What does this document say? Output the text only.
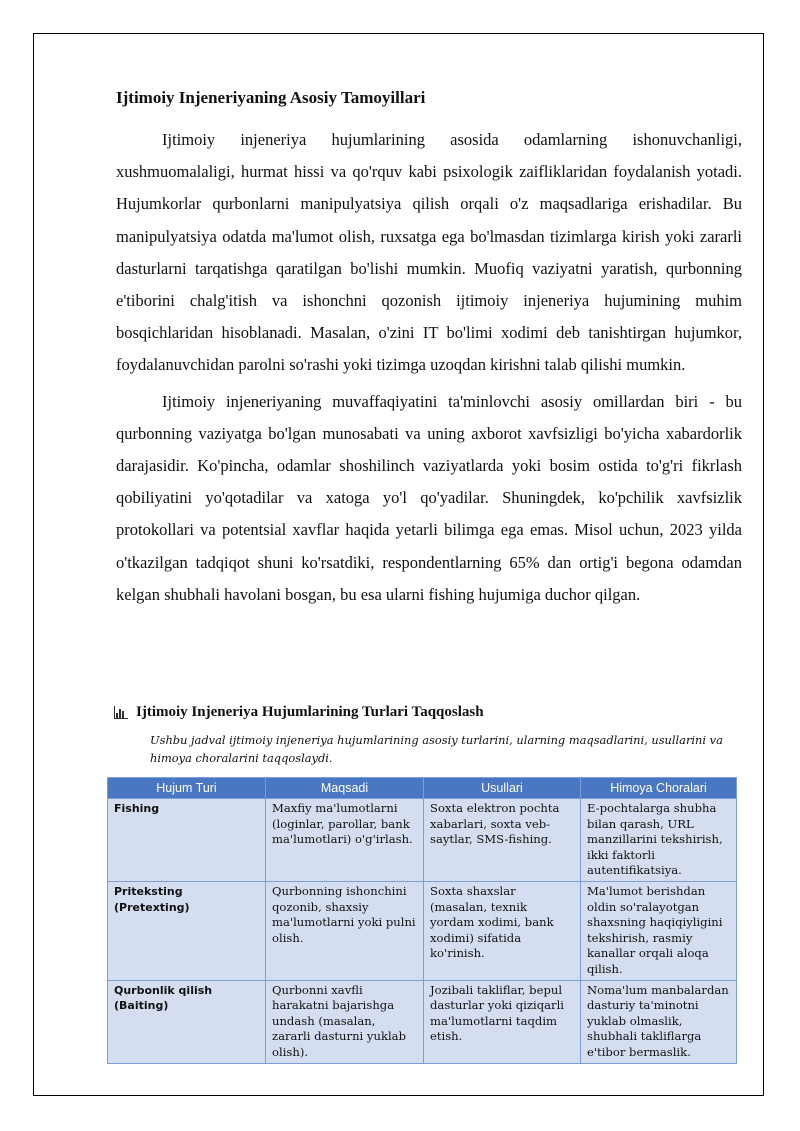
Ijtimoiy Injeneriyaning Asosiy Tamoyillari

Ijtimoiy injeneriya hujumlarining asosida odamlarning ishonuvchanligi, xushmuomalaligi, hurmat hissi va qo'rquv kabi psixologik zaifliklaridan foydalanish yotadi. Hujumkorlar qurbonlarni manipulyatsiya qilish orqali o'z maqsadlariga erishadilar. Bu manipulyatsiya odatda ma'lumot olish, ruxsatga ega bo'lmasdan tizimlarga kirish yoki zararli dasturlarni tarqatishga qaratilgan bo'lishi mumkin. Muofiq vaziyatni yaratish, qurbonning e'tiborini chalg'itish va ishonchni qozonish ijtimoiy injeneriya hujumining muhim bosqichlaridan hisoblanadi. Masalan, o'zini IT bo'limi xodimi deb tanishtirgan hujumkor, foydalanuvchidan parolni so'rashi yoki tizimga uzoqdan kirishni talab qilishi mumkin.

Ijtimoiy injeneriyaning muvaffaqiyatini ta'minlovchi asosiy omillardan biri - bu qurbonning vaziyatga bo'lgan munosabati va uning axborot xavfsizligi bo'yicha xabardorlik darajasidir. Ko'pincha, odamlar shoshilinch vaziyatlarda yoki bosim ostida to'g'ri fikrlash qobiliyatini yo'qotadilar va xatoga yo'l qo'yadilar. Shuningdek, ko'pchilik xavfsizlik protokollari va potentsial xavflar haqida yetarli bilimga ega emas. Misol uchun, 2023 yilda o'tkazilgan tadqiqot shuni ko'rsatdiki, respondentlarning 65% dan ortig'i begona odamdan kelgan shubhali havolani bosgan, bu esa ularni fishing hujumiga duchor qilgan.

Ijtimoiy Injeneriya Hujumlarining Turlari Taqqoslash
Ushbu jadval ijtimoiy injeneriya hujumlarining asosiy turlarini, ularning maqsadlarini, usullarini va himoya choralarini taqqoslaydi.
Hujum Turi	Maqsadi	Usullari	Himoya Choralari
Fishing	Maxfiy ma'lumotlarni (loginlar, parollar, bank ma'lumotlari) o'g'irlash.	Soxta elektron pochta xabarlari, soxta veb-saytlar, SMS-fishing.	E-pochtalarga shubha bilan qarash, URL manzillarini tekshirish, ikki faktorli autentifikatsiya.
Priteksting (Pretexting)	Qurbonning ishonchini qozonib, shaxsiy ma'lumotlarni yoki pulni olish.	Soxta shaxslar (masalan, texnik yordam xodimi, bank xodimi) sifatida ko'rinish.	Ma'lumot berishdan oldin so'ralayotgan shaxsning haqiqiyligini tekshirish, rasmiy kanallar orqali aloqa qilish.
Qurbonlik qilish (Baiting)	Qurbonni xavfli harakatni bajarishga undash (masalan, zararli dasturni yuklab olish).	Jozibali takliflar, bepul dasturlar yoki qiziqarli ma'lumotlarni taqdim etish.	Noma'lum manbalardan dasturiy ta'minotni yuklab olmaslik, shubhali takliflarga e'tibor bermaslik.
